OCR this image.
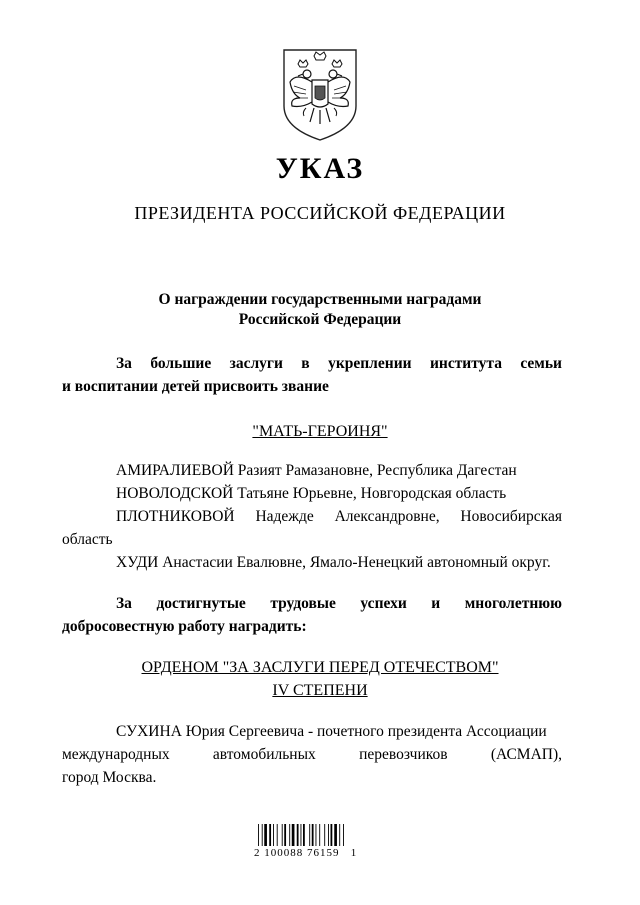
УКАЗ
ПРЕЗИДЕНТА РОССИЙСКОЙ ФЕДЕРАЦИИ
О награждении государственными наградами
Российской Федерации
За большие заслуги в укреплении института семьи
и воспитании детей присвоить звание
"МАТЬ-ГЕРОИНЯ"
АМИРАЛИЕВОЙ Разият Рамазановне, Республика Дагестан
НОВОЛОДСКОЙ Татьяне Юрьевне, Новгородская область
ПЛОТНИКОВОЙ Надежде Александровне, Новосибирская
область
ХУДИ Анастасии Евалювне, Ямало-Ненецкий автономный округ.
За достигнутые трудовые успехи и многолетнюю
добросовестную работу наградить:
ОРДЕНОМ "ЗА ЗАСЛУГИ ПЕРЕД ОТЕЧЕСТВОМ"
IV СТЕПЕНИ
СУХИНА Юрия Сергеевича - почетного президента Ассоциации
международных автомобильных перевозчиков (АСМАП),
город Москва.
2 100088 76159   1
